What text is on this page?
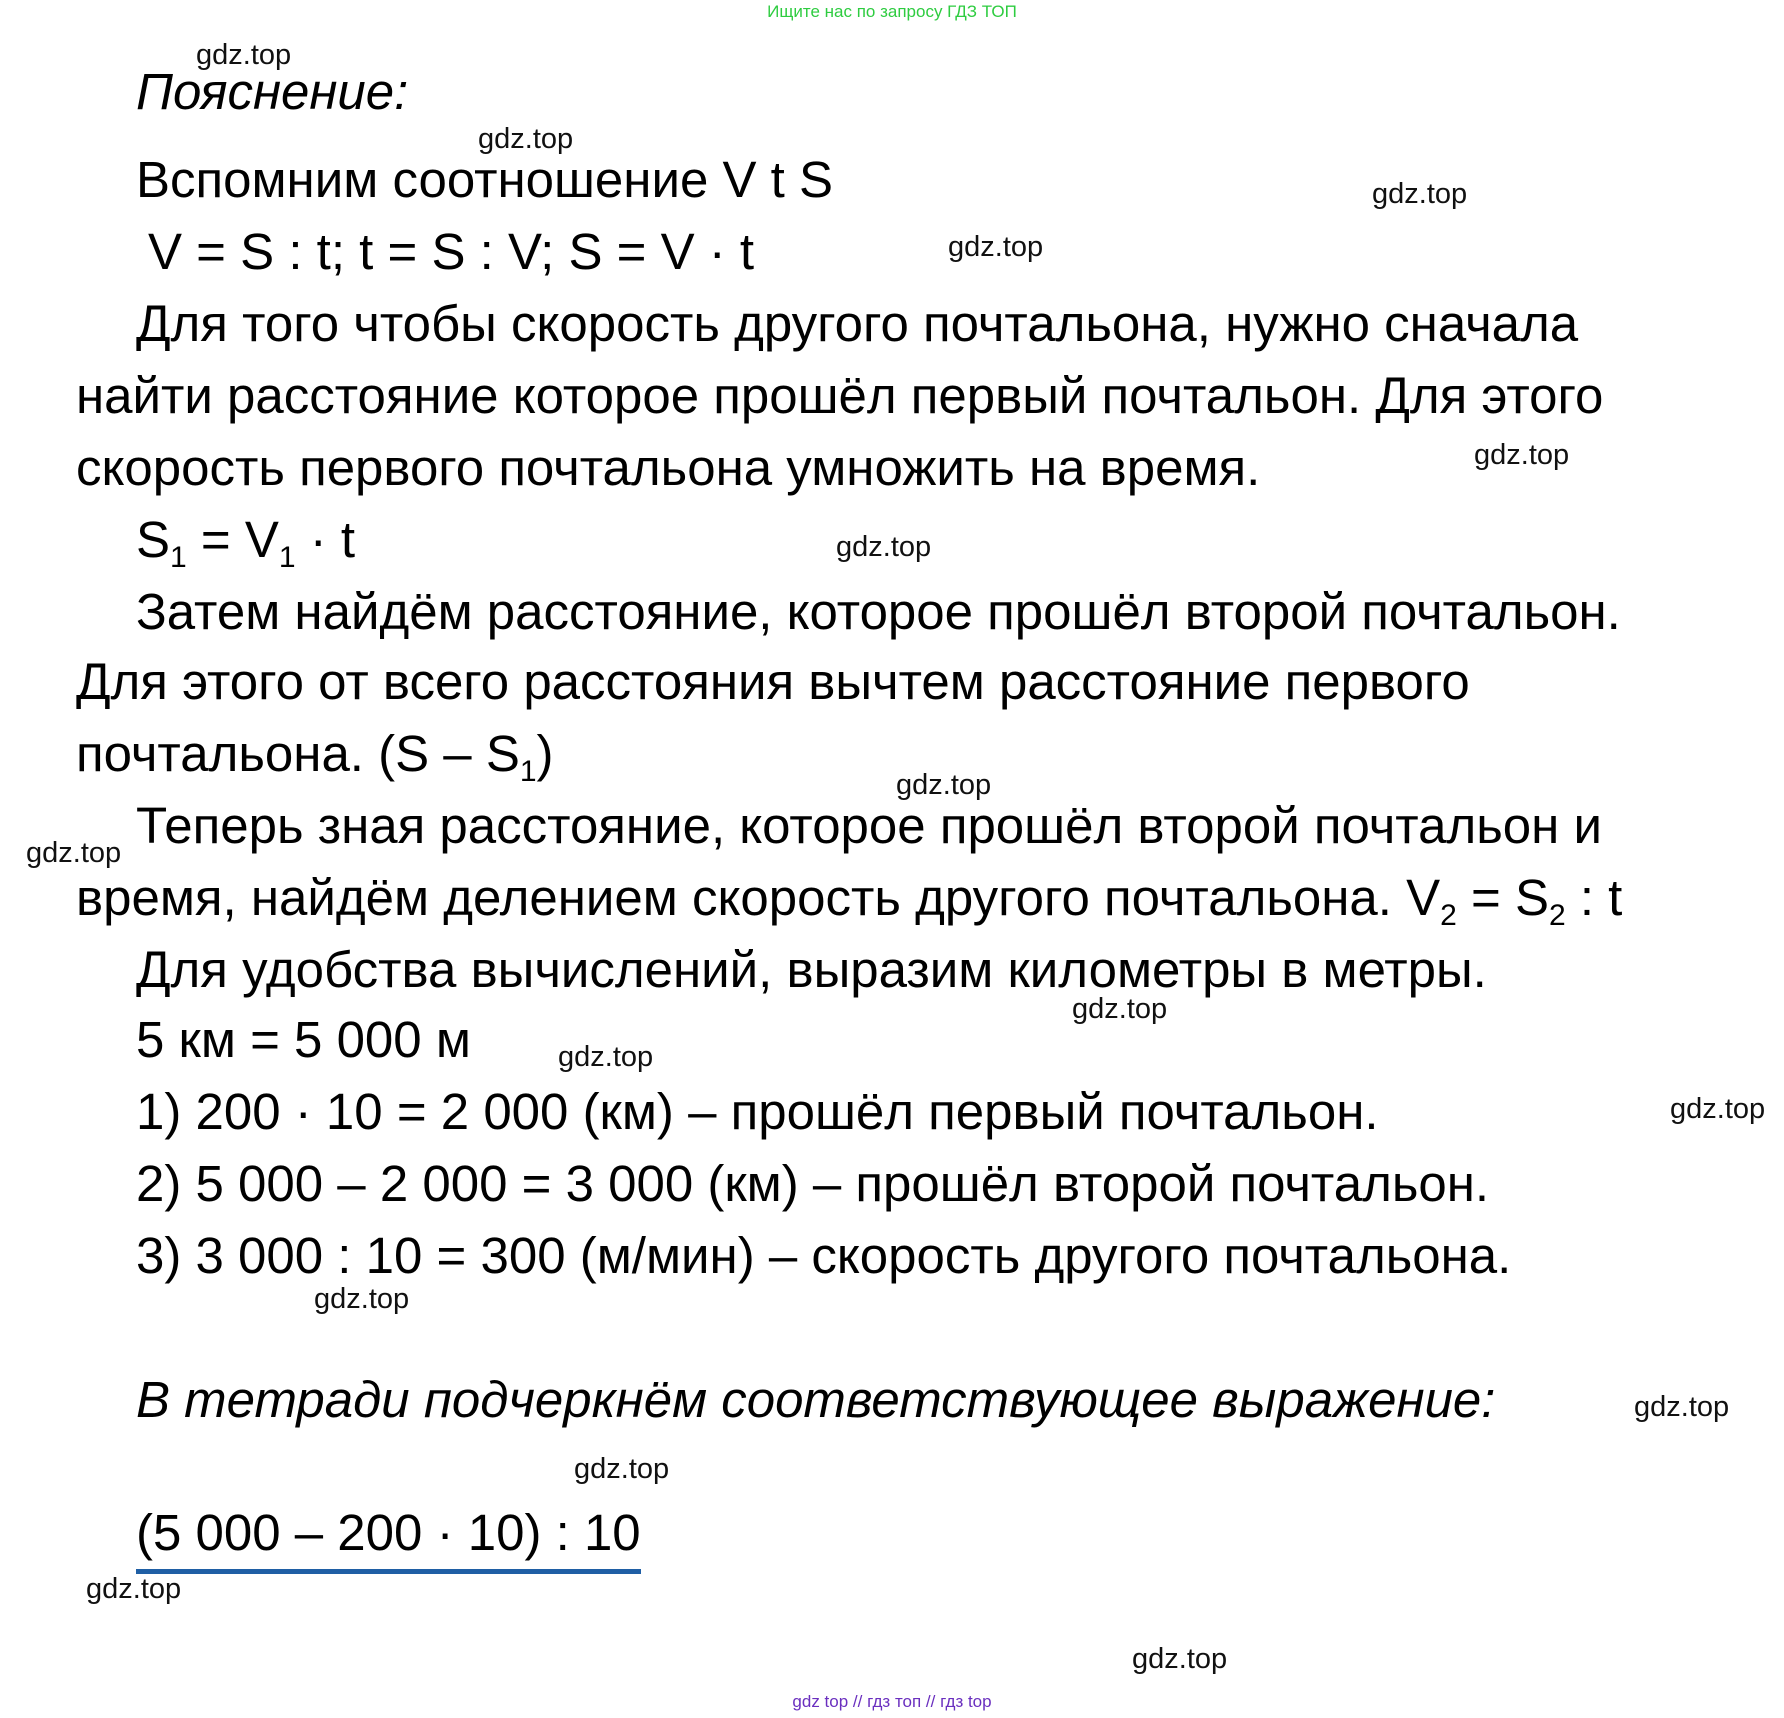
Ищите нас по запросу ГДЗ ТОП
Пояснение:
Вспомним соотношение V t S
V = S : t; t = S : V; S = V · t
Для того чтобы скорость другого почтальона, нужно сначала
найти расстояние которое прошёл первый почтальон. Для этого
скорость первого почтальона умножить на время.
$S_1 = V_1 \cdot t$
Затем найдём расстояние, которое прошёл второй почтальон.
Для этого от всего расстояния вычтем расстояние первого
почтальона. $(S - S_1)$
Теперь зная расстояние, которое прошёл второй почтальон и
время, найдём делением скорость другого почтальона. $V_2 = S_2$ : t
Для удобства вычислений, выразим километры в метры.
5 км = 5 000 м
1) 200 · 10 = 2 000 (км) – прошёл первый почтальон.
2) 5 000 – 2 000 = 3 000 (км) – прошёл второй почтальон.
3) 3 000 : 10 = 300 (м/мин) – скорость другого почтальона.
В тетради подчеркнём соответствующее выражение:
(5 000 – 200 · 10) : 10
gdz.top
gdz.top
gdz.top
gdz.top
gdz.top
gdz.top
gdz.top
gdz.top
gdz.top
gdz.top
gdz.top
gdz.top
gdz.top
gdz.top
gdz.top
gdz.top
gdz top // гдз топ // гдз top
